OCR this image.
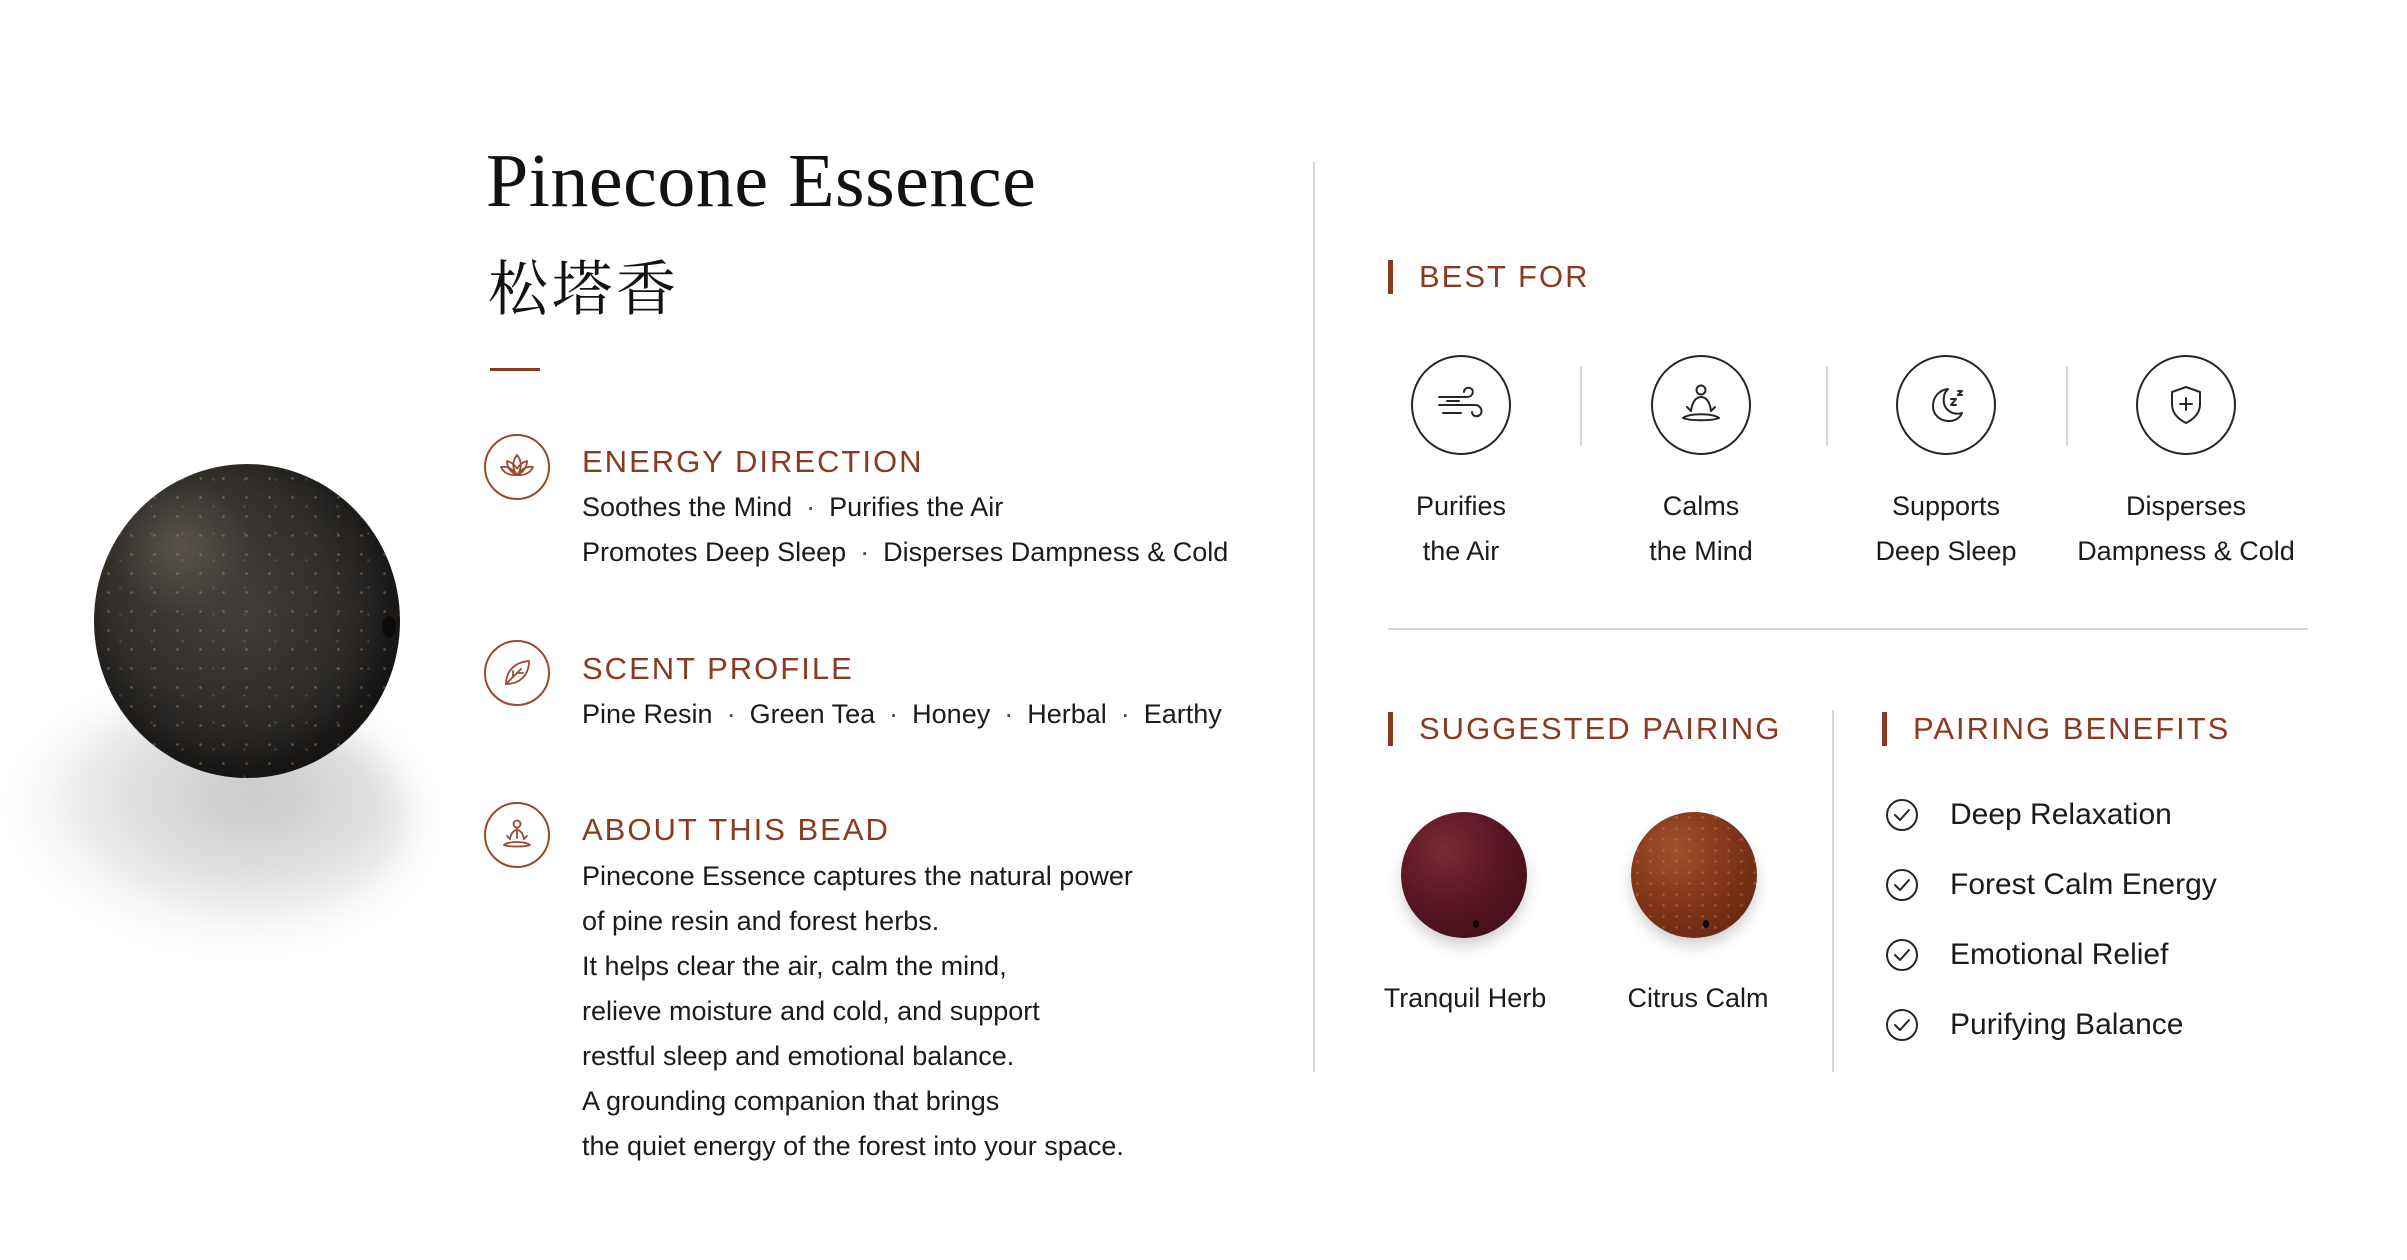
Pinecone Essence
松塔香
ENERGY DIRECTION
Soothes the Mind · Purifies the Air
Promotes Deep Sleep · Disperses Dampness & Cold
SCENT PROFILE
Pine Resin · Green Tea · Honey · Herbal · Earthy
ABOUT THIS BEAD
Pinecone Essence captures the natural power
of pine resin and forest herbs.
It helps clear the air, calm the mind,
relieve moisture and cold, and support
restful sleep and emotional balance.
A grounding companion that brings
the quiet energy of the forest into your space.
BEST FOR
Purifies
the Air
Calms
the Mind
Supports
Deep Sleep
Disperses
Dampness & Cold
SUGGESTED PAIRING
Tranquil Herb	Citrus Calm
PAIRING BENEFITS
Deep Relaxation
Forest Calm Energy
Emotional Relief
Purifying Balance
